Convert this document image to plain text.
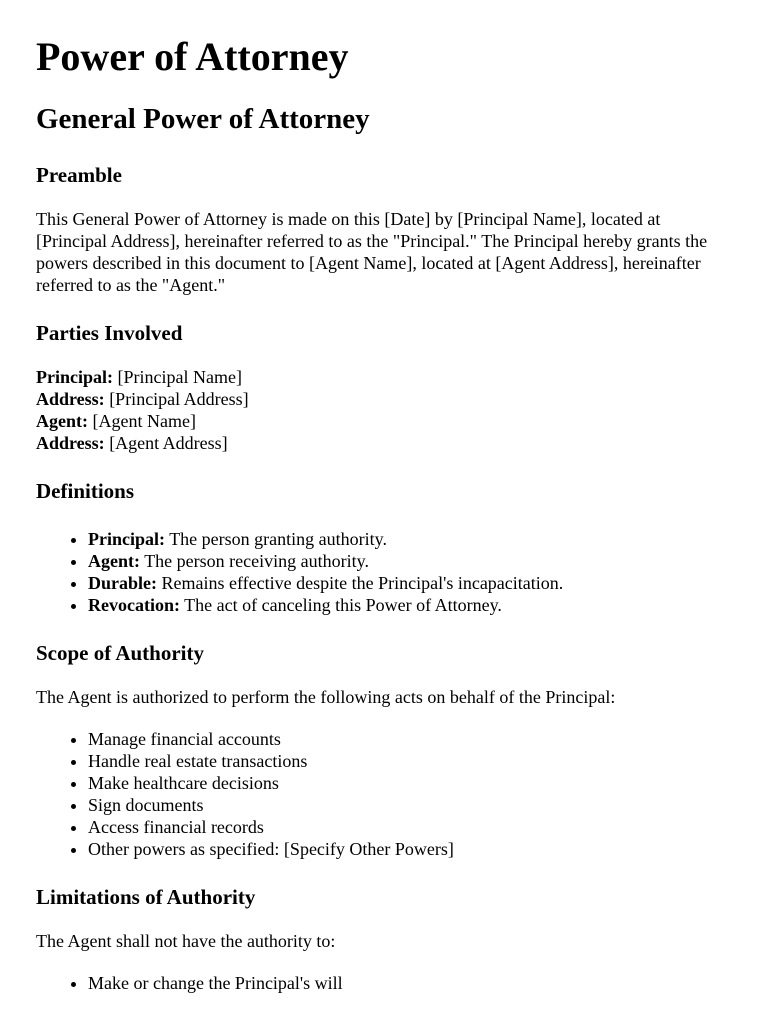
Power of Attorney
General Power of Attorney
Preamble

This General Power of Attorney is made on this [Date] by [Principal Name], located at [Principal Address], hereinafter referred to as the "Principal." The Principal hereby grants the powers described in this document to [Agent Name], located at [Agent Address], hereinafter referred to as the "Agent."

Parties Involved
Principal: [Principal Name]
Address: [Principal Address]
Agent: [Agent Name]
Address: [Agent Address]
Definitions
• Principal: The person granting authority.
• Agent: The person receiving authority.
• Durable: Remains effective despite the Principal's incapacitation.
• Revocation: The act of canceling this Power of Attorney.
Scope of Authority

The Agent is authorized to perform the following acts on behalf of the Principal:

• Manage financial accounts
• Handle real estate transactions
• Make healthcare decisions
• Sign documents
• Access financial records
• Other powers as specified: [Specify Other Powers]
Limitations of Authority

The Agent shall not have the authority to:

• Make or change the Principal's will
